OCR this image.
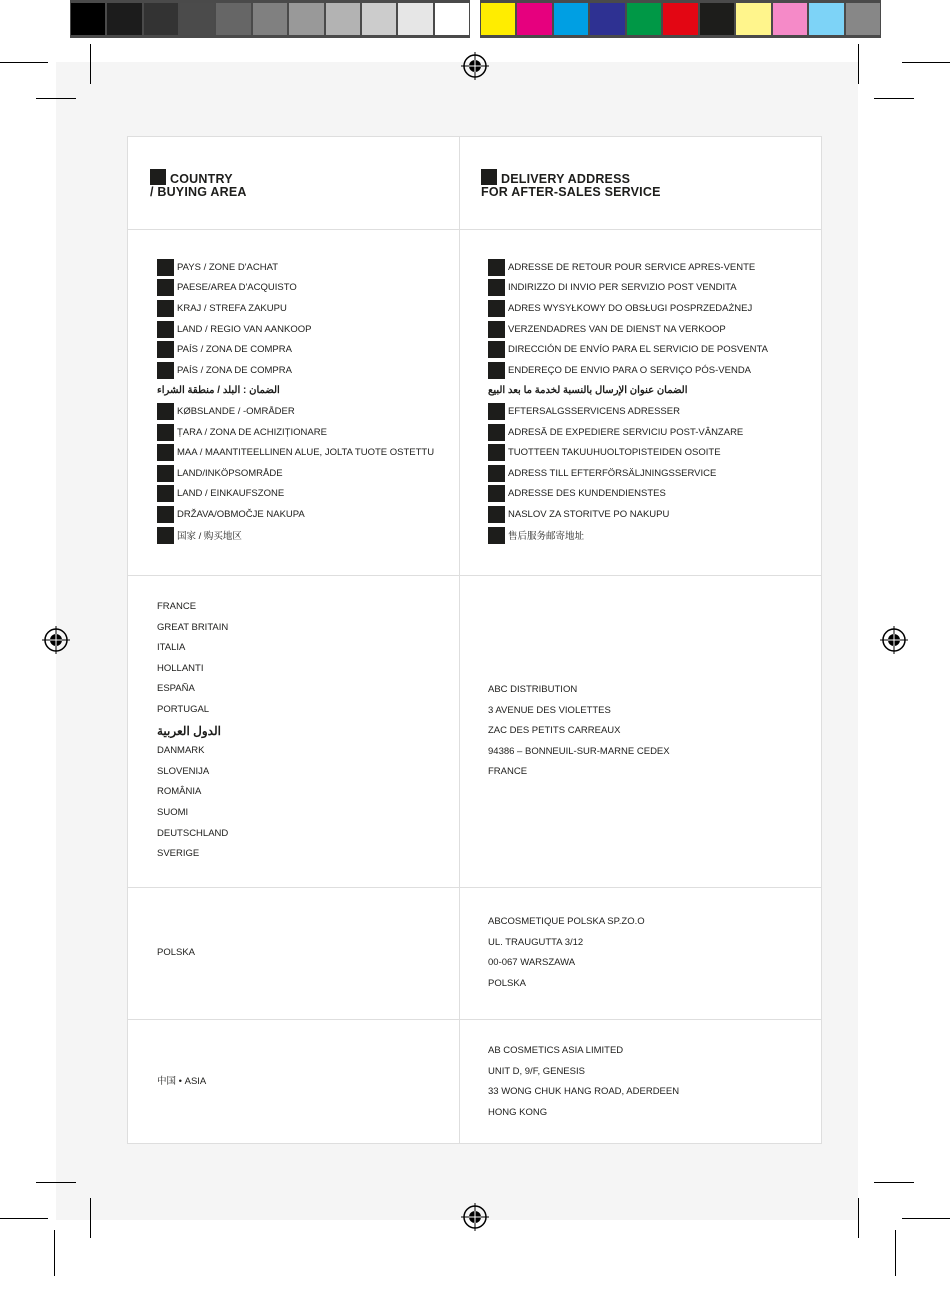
COUNTRY
/ BUYING AREA
DELIVERY ADDRESS
FOR AFTER-SALES SERVICE
PAYS / ZONE D'ACHAT
PAESE/AREA D'ACQUISTO
KRAJ / STREFA ZAKUPU
LAND / REGIO VAN AANKOOP
PAÍS / ZONA DE COMPRA
PAÍS / ZONA DE COMPRA
الضمان : البلد / منطقة الشراء
KØBSLANDE / -OMRÅDER
ȚARA / ZONA DE ACHIZIȚIONARE
MAA / MAANTITEELLINEN ALUE, JOLTA TUOTE OSTETTU
LAND/INKÖPSOMRÅDE
LAND / EINKAUFSZONE
DRŽAVA/OBMOČJE NAKUPA
国家 / 购买地区
ADRESSE DE RETOUR POUR SERVICE APRES-VENTE
INDIRIZZO DI INVIO PER SERVIZIO POST VENDITA
ADRES WYSYŁKOWY DO OBSŁUGI POSPRZEDAŻNEJ
VERZENDADRES VAN DE DIENST NA VERKOOP
DIRECCIÓN DE ENVÍO PARA EL SERVICIO DE POSVENTA
ENDEREÇO DE ENVIO PARA O SERVIÇO PÓS-VENDA
الضمان عنوان الإرسال بالنسبة لخدمة ما بعد البيع
EFTERSALGSSERVICENS ADRESSER
ADRESĂ DE EXPEDIERE SERVICIU POST-VÂNZARE
TUOTTEEN TAKUUHUOLTOPISTEIDEN OSOITE
ADRESS TILL EFTERFÖRSÄLJNINGSSERVICE
ADRESSE DES KUNDENDIENSTES
NASLOV ZA STORITVE PO NAKUPU
售后服务邮寄地址
FRANCE
GREAT BRITAIN
ITALIA
HOLLANTI
ESPAÑA
PORTUGAL
الدول العربية
DANMARK
SLOVENIJA
ROMÂNIA
SUOMI
DEUTSCHLAND
SVERIGE
ABC DISTRIBUTION
3 AVENUE DES VIOLETTES
ZAC DES PETITS CARREAUX
94386 – BONNEUIL-SUR-MARNE CEDEX
FRANCE
POLSKA
ABCOSMETIQUE POLSKA SP.ZO.O
UL. TRAUGUTTA 3/12
00-067 WARSZAWA
POLSKA
中国 • ASIA
AB COSMETICS ASIA LIMITED
UNIT D, 9/F, GENESIS
33 WONG CHUK HANG ROAD, ADERDEEN
HONG KONG
